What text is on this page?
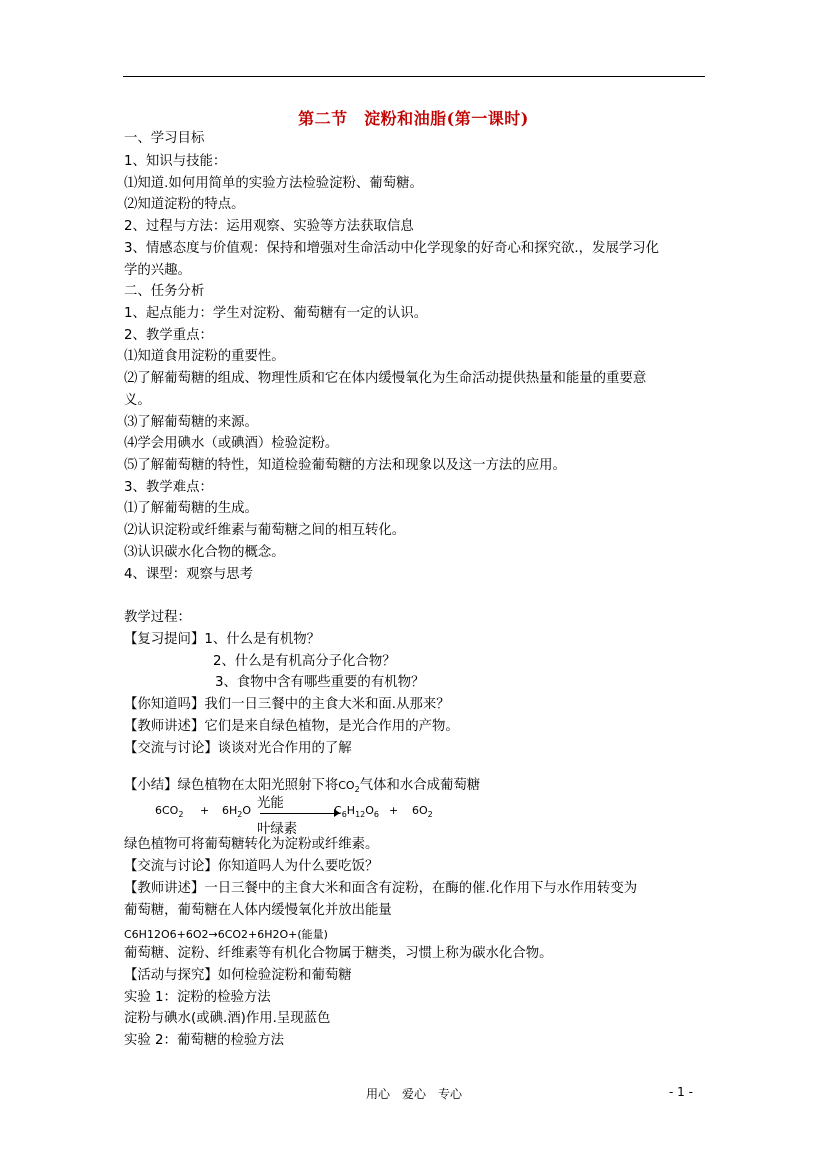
第二节　淀粉和油脂(第一课时)
一、学习目标
1、知识与技能：
⑴知道.如何用简单的实验方法检验淀粉、葡萄糖。
⑵知道淀粉的特点。
2、过程与方法：运用观察、实验等方法获取信息
3、情感态度与价值观：保持和增强对生命活动中化学现象的好奇心和探究欲.，发展学习化
学的兴趣。
二、任务分析
1、起点能力：学生对淀粉、葡萄糖有一定的认识。
2、教学重点：
⑴知道食用淀粉的重要性。
⑵了解葡萄糖的组成、物理性质和它在体内缓慢氧化为生命活动提供热量和能量的重要意
义。
⑶了解葡萄糖的来源。
⑷学会用碘水（或碘酒）检验淀粉。
⑸了解葡萄糖的特性，知道检验葡萄糖的方法和现象以及这一方法的应用。
3、教学难点：
⑴了解葡萄糖的生成。
⑵认识淀粉或纤维素与葡萄糖之间的相互转化。
⑶认识碳水化合物的概念。
4、课型：观察与思考
教学过程：
【复习提问】1、什么是有机物？
2、什么是有机高分子化合物？
3、食物中含有哪些重要的有机物？
【你知道吗】我们一日三餐中的主食大米和面.从那来？
【教师讲述】它们是来自绿色植物，是光合作用的产物。
【交流与讨论】谈谈对光合作用的了解
【小结】绿色植物在太阳光照射下将$CO_2$气体和水合成葡萄糖
光能
叶绿素
$6CO_2 + 6H_2O$	$C_6H_{12}O_6 + 6O_2$
绿色植物可将葡萄糖转化为淀粉或纤维素。
【交流与讨论】你知道吗人为什么要吃饭？
【教师讲述】一日三餐中的主食大米和面含有淀粉，在酶的催.化作用下与水作用转变为
葡萄糖，葡萄糖在人体内缓慢氧化并放出能量
C6H12O6+6O2→6CO2+6H2O+(能量)
葡萄糖、淀粉、纤维素等有机化合物属于糖类，习惯上称为碳水化合物。
【活动与探究】如何检验淀粉和葡萄糖
实验 1：淀粉的检验方法
淀粉与碘水(或碘.酒)作用.呈现蓝色
实验 2：葡萄糖的检验方法
用心　爱心　专心	- 1 -
